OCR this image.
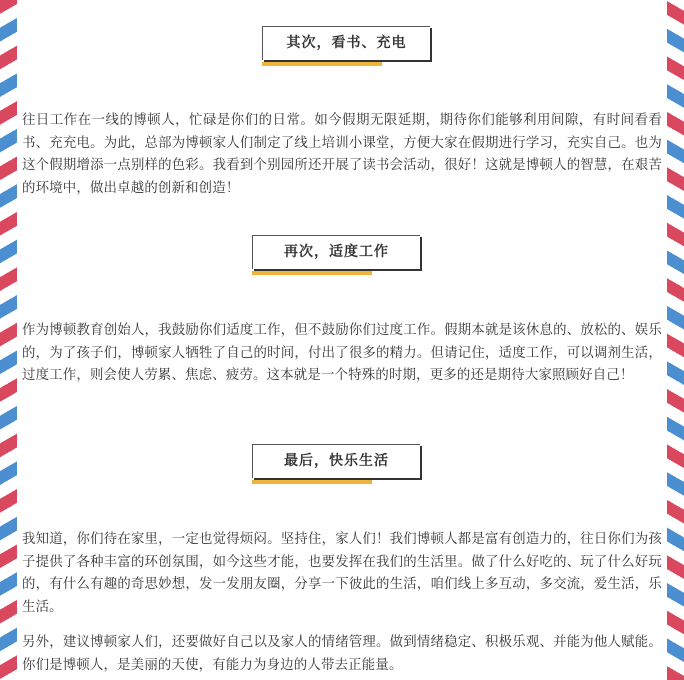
其次，看书、充电

往日工作在一线的博顿人，忙碌是你们的日常。如今假期无限延期，期待你们能够利用间隙，有时间看看书、充充电。为此，总部为博顿家人们制定了线上培训小课堂，方便大家在假期进行学习，充实自己。也为这个假期增添一点别样的色彩。我看到个别园所还开展了读书会活动，很好！这就是博顿人的智慧，在艰苦的环境中，做出卓越的创新和创造！

再次，适度工作

作为博顿教育创始人，我鼓励你们适度工作，但不鼓励你们过度工作。假期本就是该休息的、放松的、娱乐的，为了孩子们，博顿家人牺牲了自己的时间，付出了很多的精力。但请记住，适度工作，可以调剂生活，过度工作，则会使人劳累、焦虑、疲劳。这本就是一个特殊的时期，更多的还是期待大家照顾好自己！

最后，快乐生活

我知道，你们待在家里，一定也觉得烦闷。坚持住，家人们！我们博顿人都是富有创造力的，往日你们为孩子提供了各种丰富的环创氛围，如今这些才能，也要发挥在我们的生活里。做了什么好吃的、玩了什么好玩的，有什么有趣的奇思妙想，发一发朋友圈，分享一下彼此的生活，咱们线上多互动，多交流，爱生活，乐生活。

另外，建议博顿家人们，还要做好自己以及家人的情绪管理。做到情绪稳定、积极乐观、并能为他人赋能。你们是博顿人，是美丽的天使，有能力为身边的人带去正能量。
